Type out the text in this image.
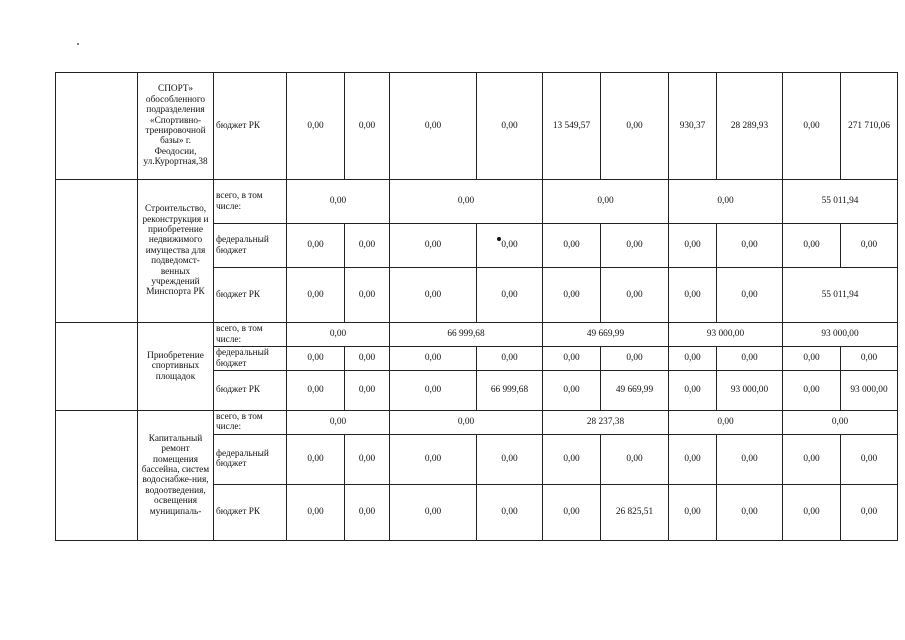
	СПОРТ» обособленного подразделения «Спортивно-тренировочной базы» г. Феодосии, ул.Курортная,38	бюджет РК	0,00	0,00	0,00	0,00	13 549,57	0,00	930,37	28 289,93	0,00	271 710,06
	Строительство, реконструкция и приобретение недвижимого имущества для подведомст-венных учреждений Минспорта РК	всего, в том числе:	0,00		0,00		0,00		0,00		55 011,94	
		федеральный бюджет	0,00	0,00	0,00	0,00	0,00	0,00	0,00	0,00	0,00	0,00
		бюджет РК	0,00	0,00	0,00	0,00	0,00	0,00	0,00	0,00	55 011,94	
	Приобретение спортивных площадок	всего, в том числе:	0,00		66 999,68		49 669,99		93 000,00		93 000,00	
		федеральный бюджет	0,00	0,00	0,00	0,00	0,00	0,00	0,00	0,00	0,00	0,00
		бюджет РК	0,00	0,00	0,00	66 999,68	0,00	49 669,99	0,00	93 000,00	0,00	93 000,00
	Капитальный ремонт помещения бассейна, систем водоснабже-ния, водоотведения, освещения муниципаль-	всего, в том числе:	0,00		0,00		28 237,38		0,00		0,00	
		федеральный бюджет	0,00	0,00	0,00	0,00	0,00	0,00	0,00	0,00	0,00	0,00
		бюджет РК	0,00	0,00	0,00	0,00	0,00	26 825,51	0,00	0,00	0,00	0,00
